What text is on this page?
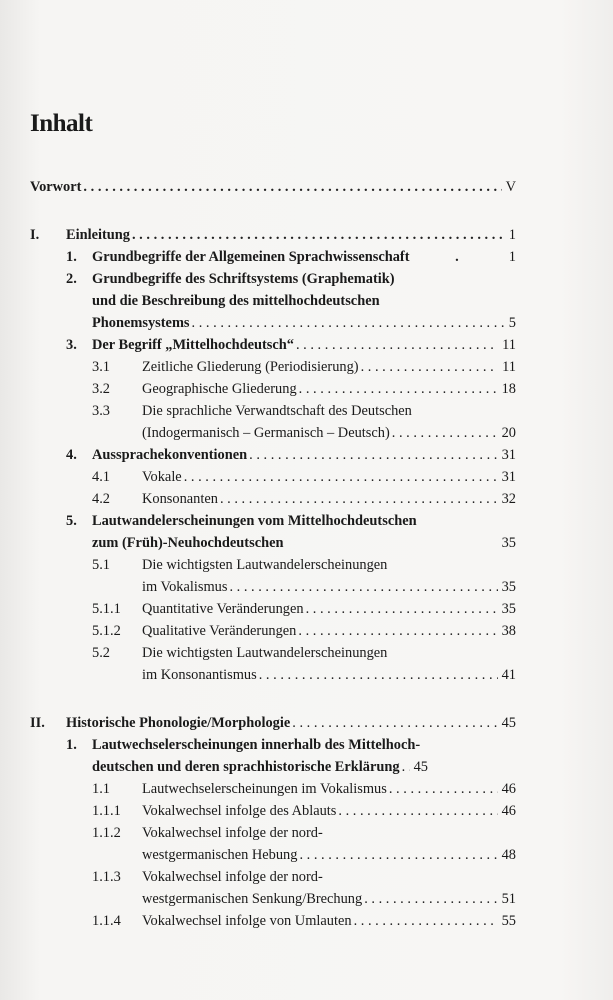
Inhalt
Vorwort . . .	V
I. Einleitung . . .	1
1. Grundbegriffe der Allgemeinen Sprachwissenschaft . . .	1
2. Grundbegriffe des Schriftsystems (Graphematik)
und die Beschreibung des mittelhochdeutschen
Phonemsystems . . .	5
3. Der Begriff „Mittelhochdeutsch“ . . .	11
3.1 Zeitliche Gliederung (Periodisierung) . . .	11
3.2 Geographische Gliederung . . .	18
3.3 Die sprachliche Verwandtschaft des Deutschen
(Indogermanisch – Germanisch – Deutsch) . . .	20
4. Aussprachekonventionen . . .	31
4.1 Vokale . . .	31
4.2 Konsonanten . . .	32
5. Lautwandelerscheinungen vom Mittelhochdeutschen
zum (Früh)-Neuhochdeutschen	35
5.1 Die wichtigsten Lautwandelerscheinungen
im Vokalismus . . .	35
5.1.1 Quantitative Veränderungen . . .	35
5.1.2 Qualitative Veränderungen . . .	38
5.2 Die wichtigsten Lautwandelerscheinungen
im Konsonantismus . . .	41
II. Historische Phonologie/Morphologie . . .	45
1. Lautwechselerscheinungen innerhalb des Mittelhoch-
deutschen und deren sprachhistorische Erklärung . . . 45
1.1 Lautwechselerscheinungen im Vokalismus . . .	46
1.1.1 Vokalwechsel infolge des Ablauts . . .	46
1.1.2 Vokalwechsel infolge der nord-
westgermanischen Hebung . . .	48
1.1.3 Vokalwechsel infolge der nord-
westgermanischen Senkung/Brechung . . .	51
1.1.4 Vokalwechsel infolge von Umlauten . . .	55
